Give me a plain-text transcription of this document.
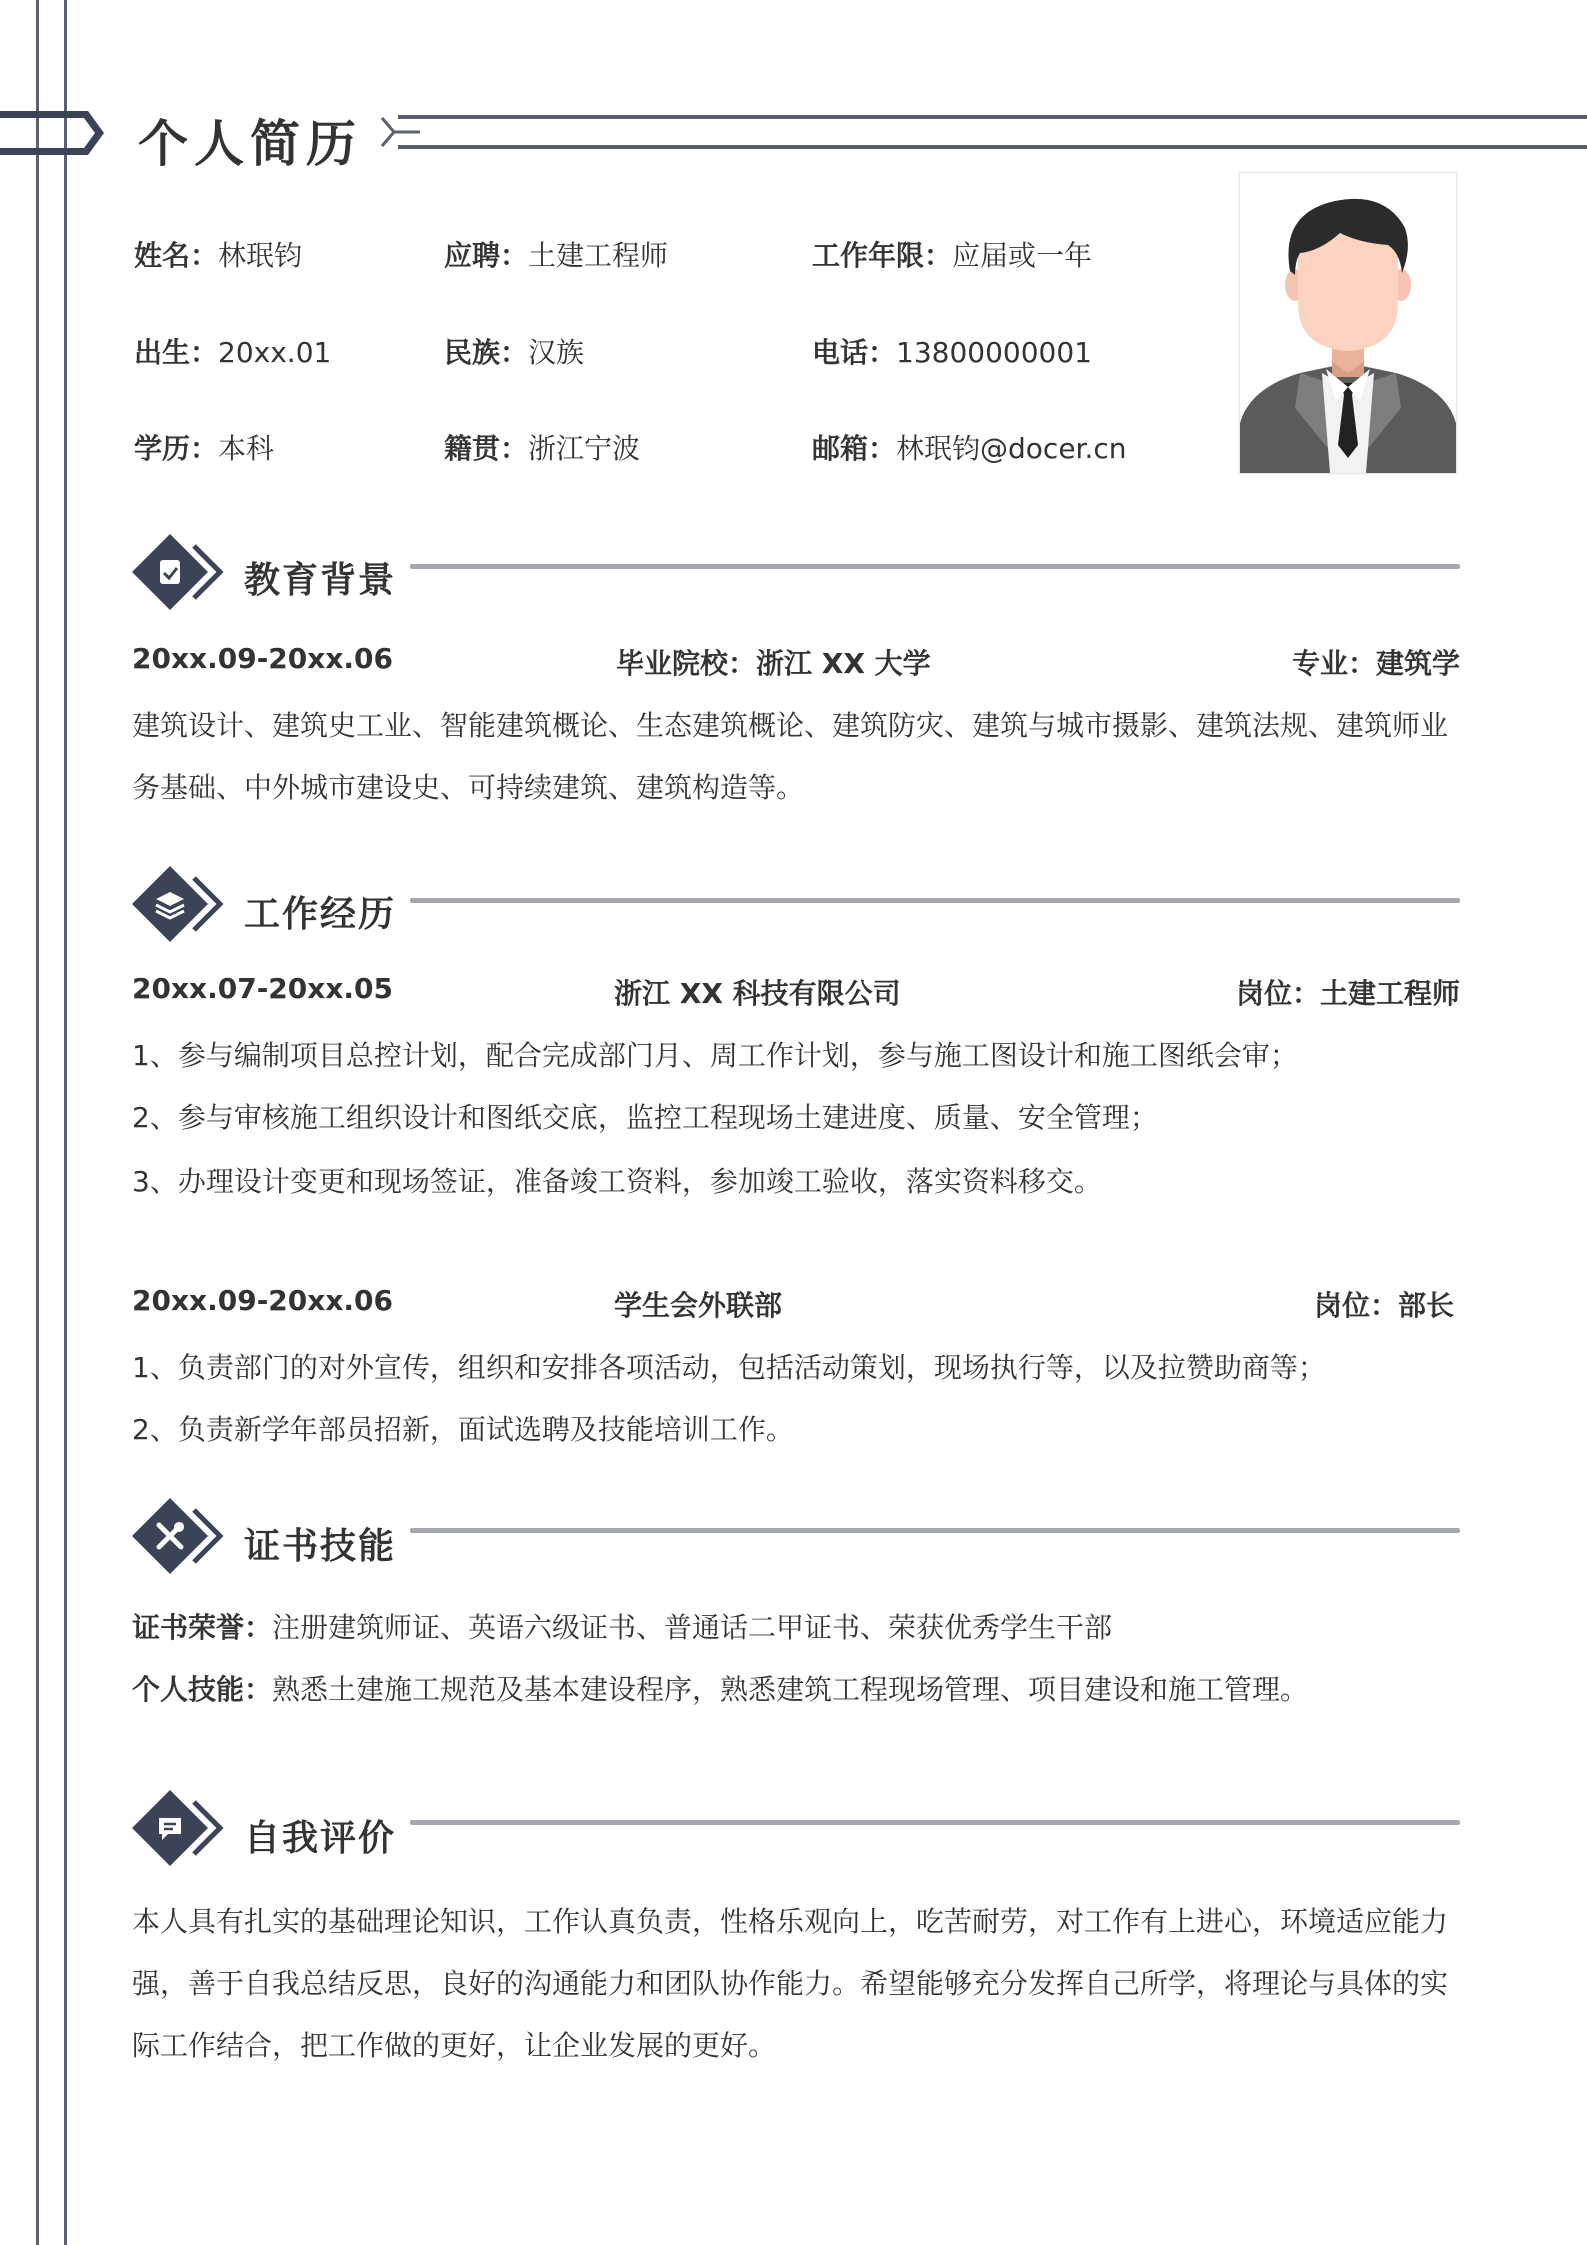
个人简历
姓名：林珉钧	应聘：土建工程师	工作年限：应届或一年
出生：20xx.01	民族：汉族	电话：13800000001
学历：本科	籍贯：浙江宁波	邮箱：林珉钧@docer.cn
教育背景
20xx.09-20xx.06	毕业院校：浙江 XX 大学	专业：建筑学
建筑设计、建筑史工业、智能建筑概论、生态建筑概论、建筑防灾、建筑与城市摄影、建筑法规、建筑师业
务基础、中外城市建设史、可持续建筑、建筑构造等。
工作经历
20xx.07-20xx.05	浙江 XX 科技有限公司	岗位：土建工程师
1、参与编制项目总控计划，配合完成部门月、周工作计划，参与施工图设计和施工图纸会审；
2、参与审核施工组织设计和图纸交底，监控工程现场土建进度、质量、安全管理；
3、办理设计变更和现场签证，准备竣工资料，参加竣工验收，落实资料移交。
20xx.09-20xx.06	学生会外联部	岗位：部长
1、负责部门的对外宣传，组织和安排各项活动，包括活动策划，现场执行等，以及拉赞助商等；
2、负责新学年部员招新，面试选聘及技能培训工作。
证书技能
证书荣誉：注册建筑师证、英语六级证书、普通话二甲证书、荣获优秀学生干部
个人技能：熟悉土建施工规范及基本建设程序，熟悉建筑工程现场管理、项目建设和施工管理。
自我评价
本人具有扎实的基础理论知识，工作认真负责，性格乐观向上，吃苦耐劳，对工作有上进心，环境适应能力
强，善于自我总结反思，良好的沟通能力和团队协作能力。希望能够充分发挥自己所学，将理论与具体的实
际工作结合，把工作做的更好，让企业发展的更好。
